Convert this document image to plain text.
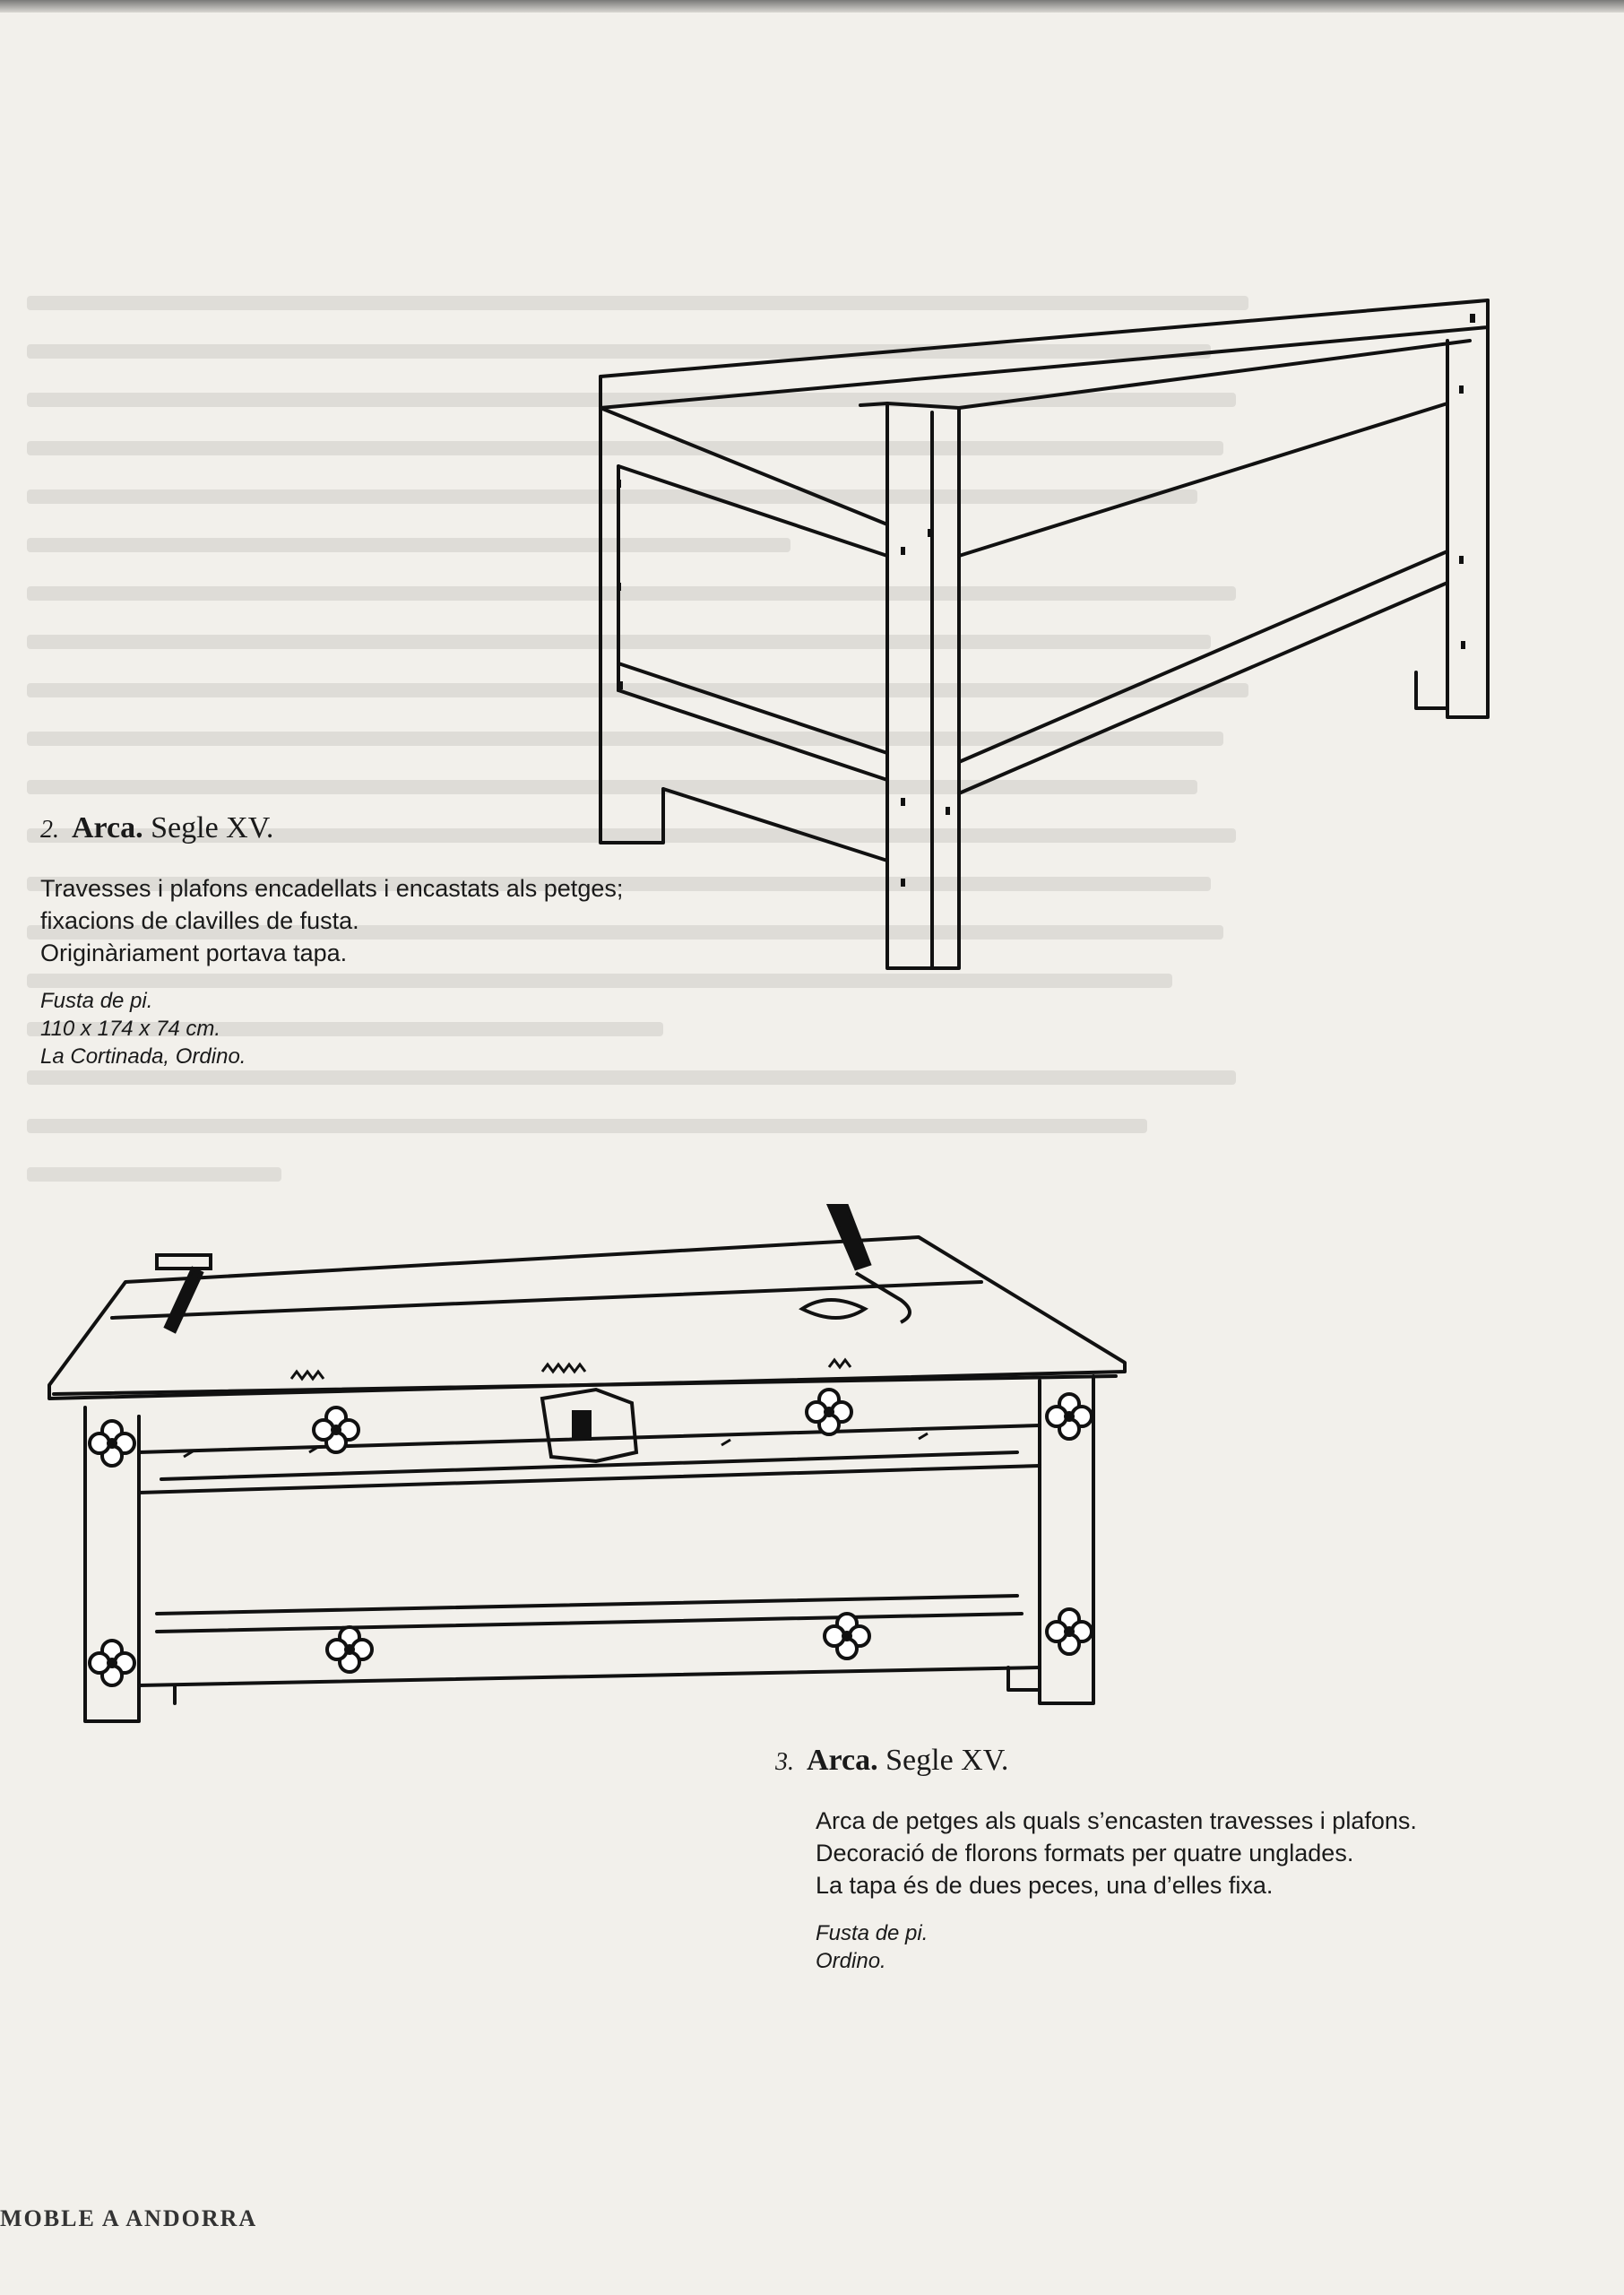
2. Arca. Segle XV.
Travesses i plafons encadellats i encastats als petges;
fixacions de clavilles de fusta.
Originàriament portava tapa.
Fusta de pi.
110 x 174 x 74 cm.
La Cortinada, Ordino.
3. Arca. Segle XV.
Arca de petges als quals s’encasten travesses i plafons.
Decoració de florons formats per quatre unglades.
La tapa és de dues peces, una d’elles fixa.
Fusta de pi.
Ordino.
MOBLE A ANDORRA
